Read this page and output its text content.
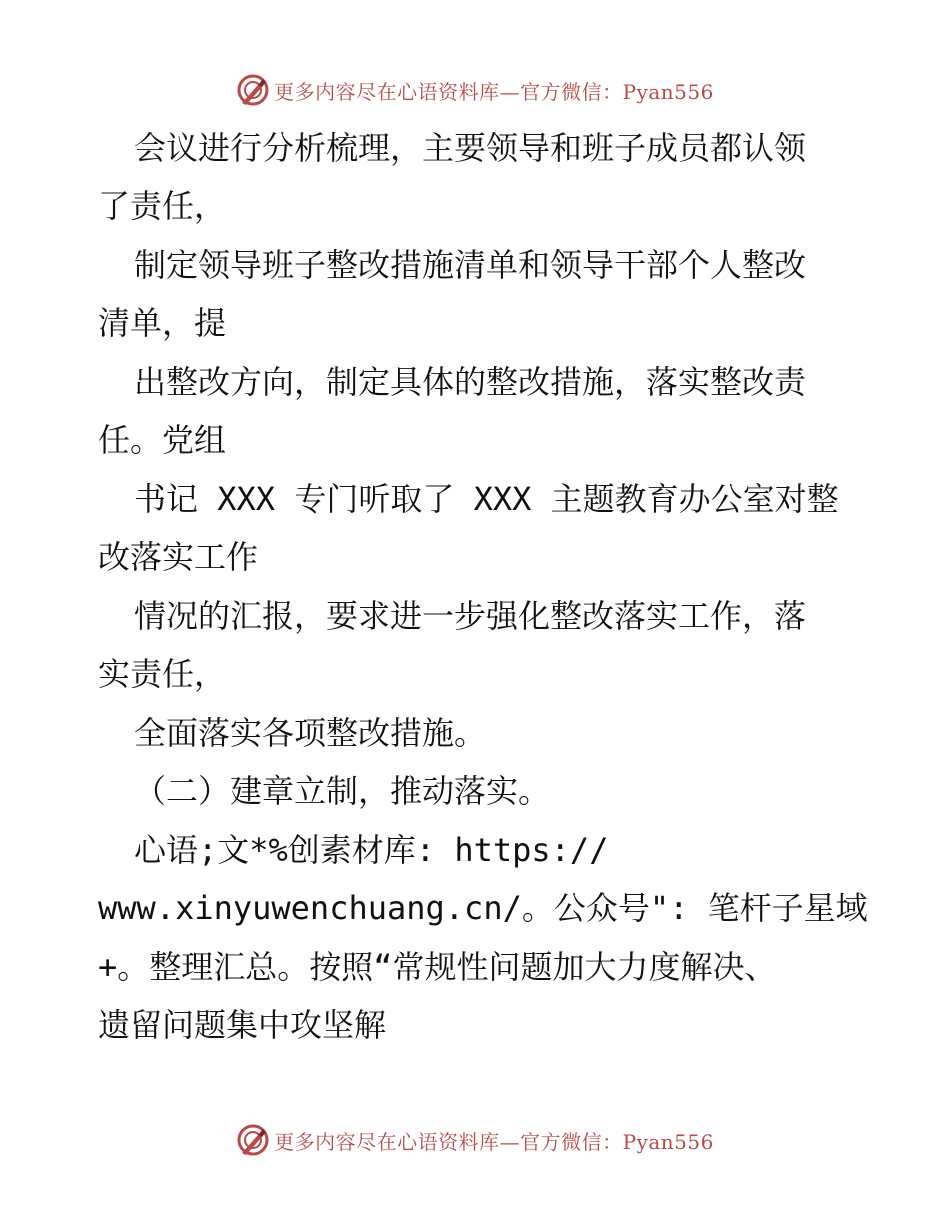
更多内容尽在心语资料库—官方微信：Pyan556
会议进行分析梳理，主要领导和班子成员都认领
了责任，
制定领导班子整改措施清单和领导干部个人整改
清单，提
出整改方向，制定具体的整改措施，落实整改责
任。党组
书记 XXX 专门听取了 XXX 主题教育办公室对整
改落实工作
情况的汇报，要求进一步强化整改落实工作，落
实责任，
全面落实各项整改措施。
（二）建章立制，推动落实。
心语;文*%创素材库: https://
www.xinyuwenchuang.cn/。公众号": 笔杆子星域
+。整理汇总。按照“常规性问题加大力度解决、
遗留问题集中攻坚解
更多内容尽在心语资料库—官方微信：Pyan556
